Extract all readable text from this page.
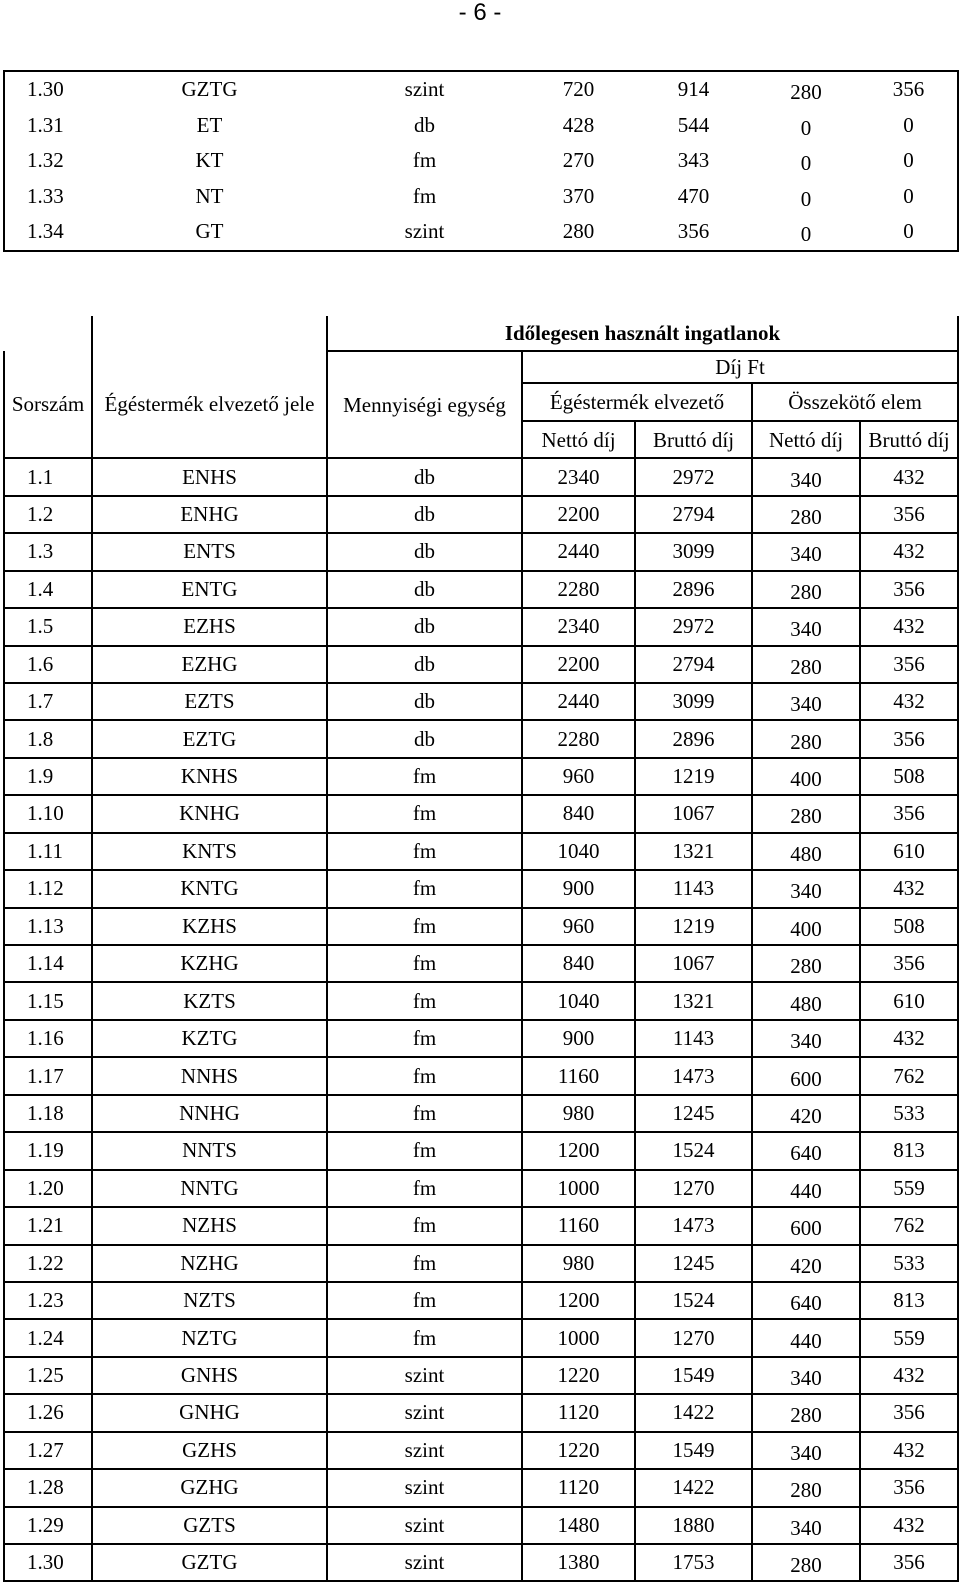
- 6 -
1.30	GZTG	szint	720	914	280	356
1.31	ET	db	428	544	0	0
1.32	KT	fm	270	343	0	0
1.33	NT	fm	370	470	0	0
1.34	GT	szint	280	356	0	0
		Időlegesen használt ingatlanok				
Sorszám	Égéstermék elvezető jele	Mennyiségi egység	Díj Ft			
			Égéstermék elvezető		Összekötő elem	
			Nettó díj	Bruttó díj	Nettó díj	Bruttó díj
1.1	ENHS	db	2340	2972	340	432
1.2	ENHG	db	2200	2794	280	356
1.3	ENTS	db	2440	3099	340	432
1.4	ENTG	db	2280	2896	280	356
1.5	EZHS	db	2340	2972	340	432
1.6	EZHG	db	2200	2794	280	356
1.7	EZTS	db	2440	3099	340	432
1.8	EZTG	db	2280	2896	280	356
1.9	KNHS	fm	960	1219	400	508
1.10	KNHG	fm	840	1067	280	356
1.11	KNTS	fm	1040	1321	480	610
1.12	KNTG	fm	900	1143	340	432
1.13	KZHS	fm	960	1219	400	508
1.14	KZHG	fm	840	1067	280	356
1.15	KZTS	fm	1040	1321	480	610
1.16	KZTG	fm	900	1143	340	432
1.17	NNHS	fm	1160	1473	600	762
1.18	NNHG	fm	980	1245	420	533
1.19	NNTS	fm	1200	1524	640	813
1.20	NNTG	fm	1000	1270	440	559
1.21	NZHS	fm	1160	1473	600	762
1.22	NZHG	fm	980	1245	420	533
1.23	NZTS	fm	1200	1524	640	813
1.24	NZTG	fm	1000	1270	440	559
1.25	GNHS	szint	1220	1549	340	432
1.26	GNHG	szint	1120	1422	280	356
1.27	GZHS	szint	1220	1549	340	432
1.28	GZHG	szint	1120	1422	280	356
1.29	GZTS	szint	1480	1880	340	432
1.30	GZTG	szint	1380	1753	280	356
